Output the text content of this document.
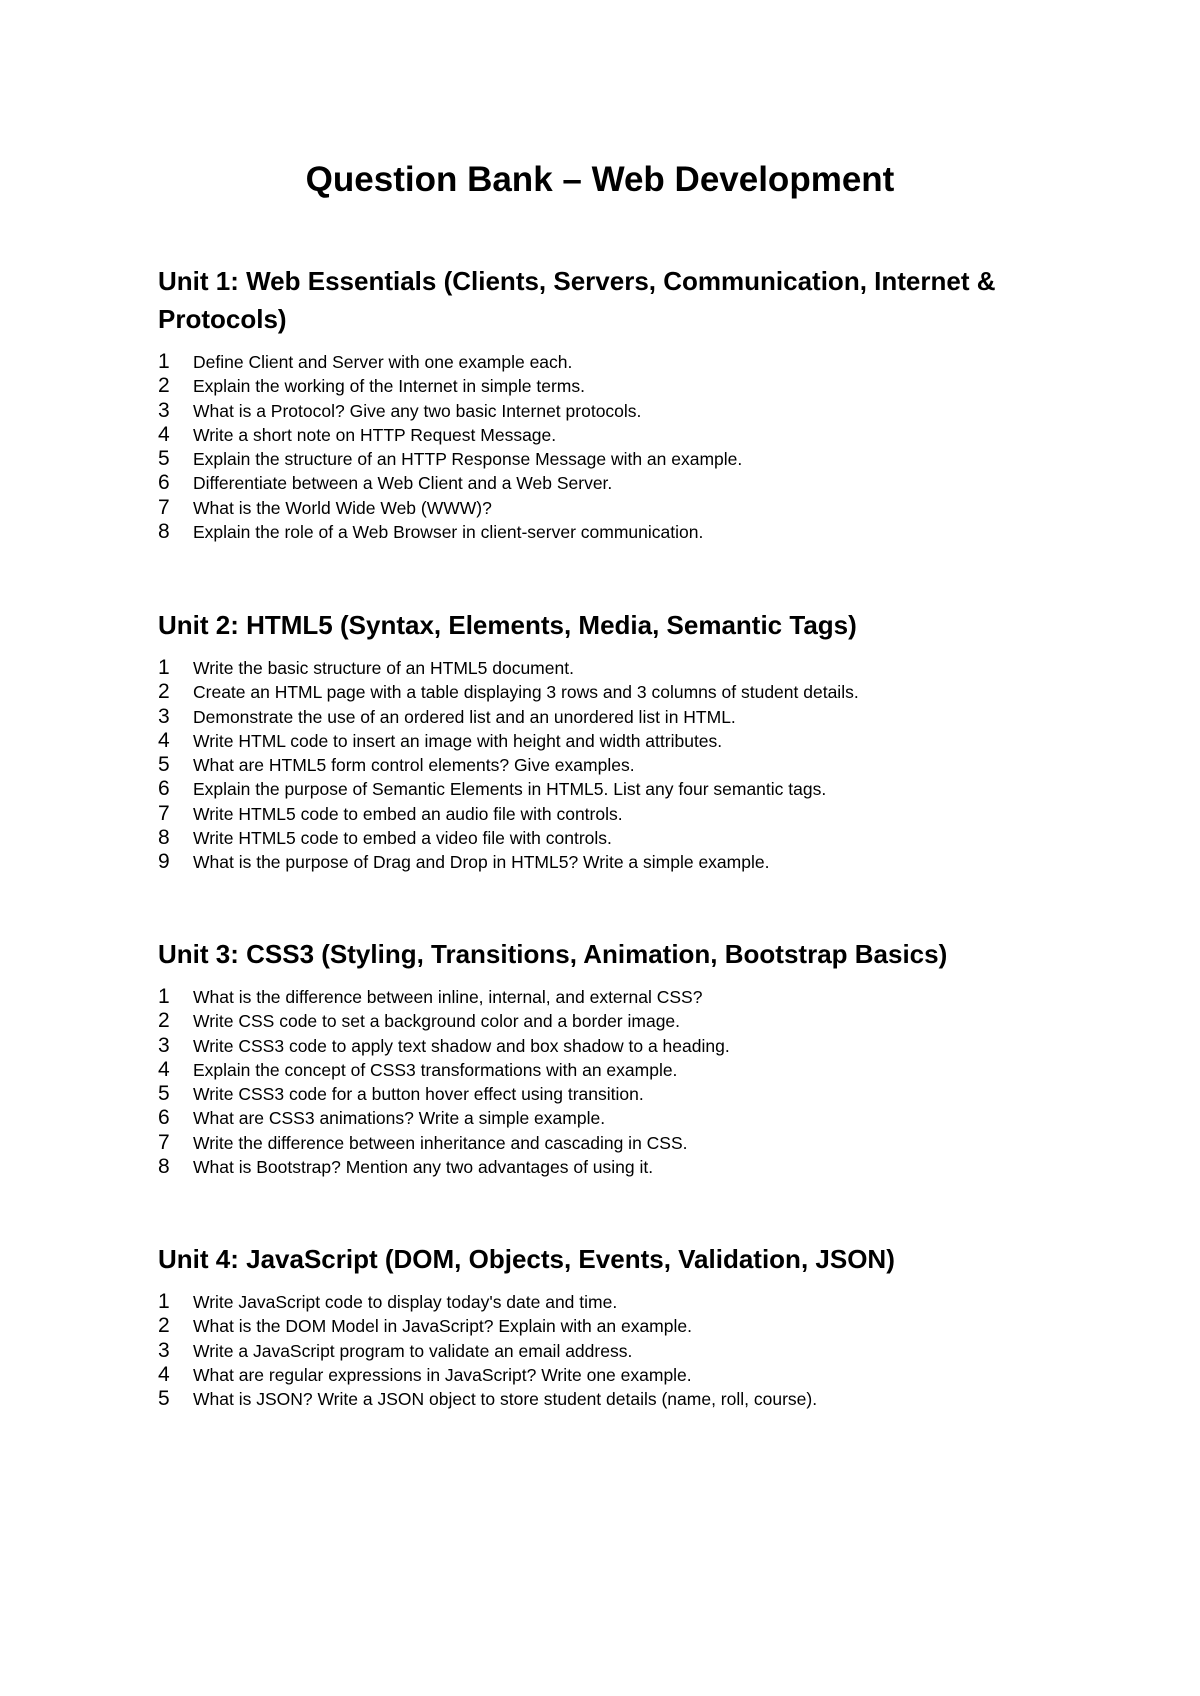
Question Bank – Web Development
Unit 1: Web Essentials (Clients, Servers, Communication, Internet & Protocols)
1	Define Client and Server with one example each.
2	Explain the working of the Internet in simple terms.
3	What is a Protocol? Give any two basic Internet protocols.
4	Write a short note on HTTP Request Message.
5	Explain the structure of an HTTP Response Message with an example.
6	Differentiate between a Web Client and a Web Server.
7	What is the World Wide Web (WWW)?
8	Explain the role of a Web Browser in client-server communication.
Unit 2: HTML5 (Syntax, Elements, Media, Semantic Tags)
1	Write the basic structure of an HTML5 document.
2	Create an HTML page with a table displaying 3 rows and 3 columns of student details.
3	Demonstrate the use of an ordered list and an unordered list in HTML.
4	Write HTML code to insert an image with height and width attributes.
5	What are HTML5 form control elements? Give examples.
6	Explain the purpose of Semantic Elements in HTML5. List any four semantic tags.
7	Write HTML5 code to embed an audio file with controls.
8	Write HTML5 code to embed a video file with controls.
9	What is the purpose of Drag and Drop in HTML5? Write a simple example.
Unit 3: CSS3 (Styling, Transitions, Animation, Bootstrap Basics)
1	What is the difference between inline, internal, and external CSS?
2	Write CSS code to set a background color and a border image.
3	Write CSS3 code to apply text shadow and box shadow to a heading.
4	Explain the concept of CSS3 transformations with an example.
5	Write CSS3 code for a button hover effect using transition.
6	What are CSS3 animations? Write a simple example.
7	Write the difference between inheritance and cascading in CSS.
8	What is Bootstrap? Mention any two advantages of using it.
Unit 4: JavaScript (DOM, Objects, Events, Validation, JSON)
1	Write JavaScript code to display today's date and time.
2	What is the DOM Model in JavaScript? Explain with an example.
3	Write a JavaScript program to validate an email address.
4	What are regular expressions in JavaScript? Write one example.
5	What is JSON? Write a JSON object to store student details (name, roll, course).
